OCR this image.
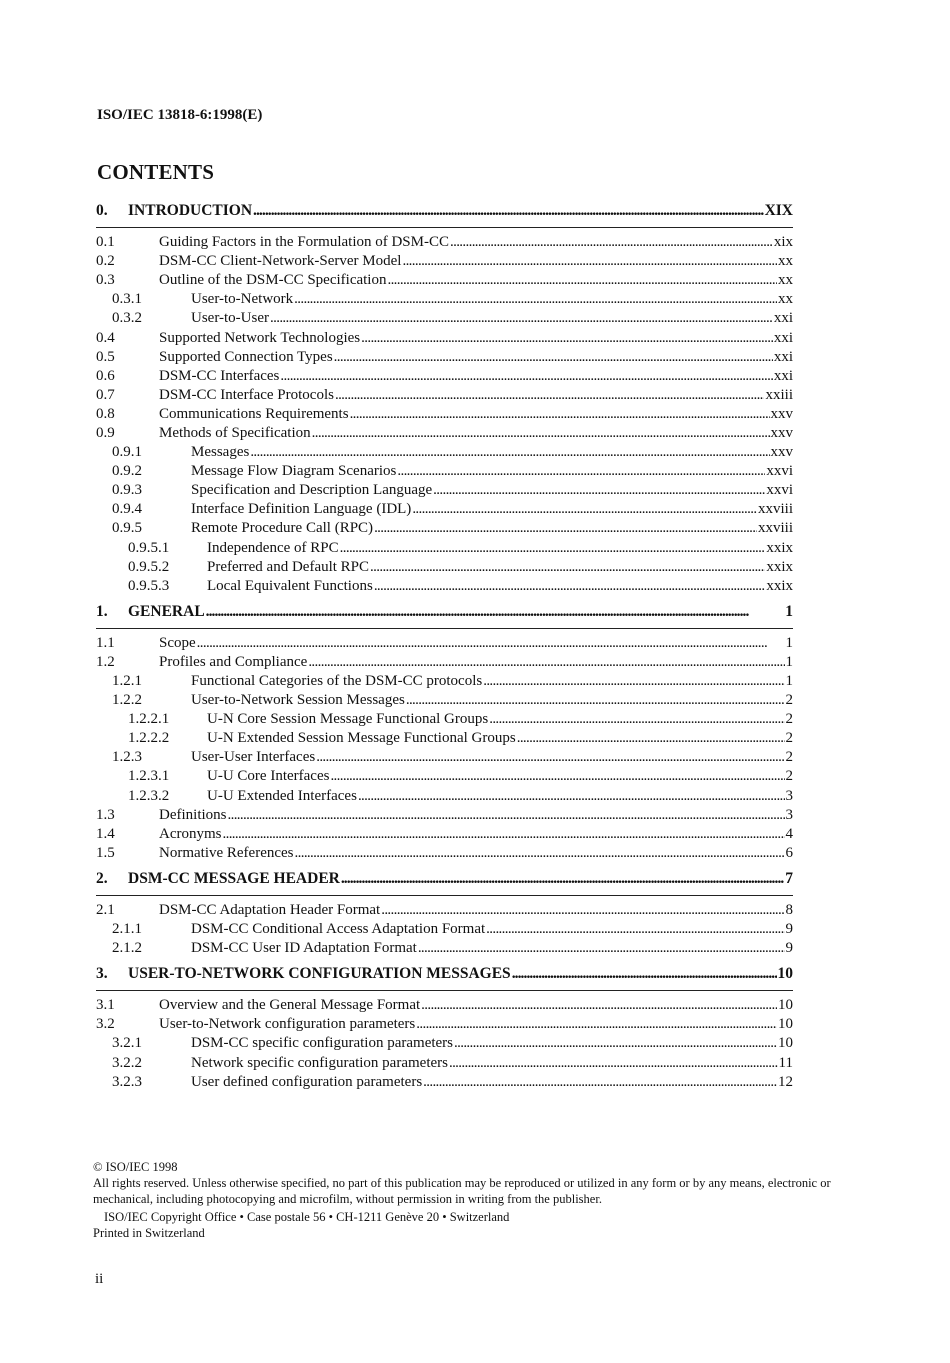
ISO/IEC 13818-6:1998(E)
CONTENTS
0.	INTRODUCTION . . .	XIX
0.1	Guiding Factors in the Formulation of DSM-CC . . .	xix
0.2	DSM-CC Client-Network-Server Model . . .	xx
0.3	Outline of the DSM-CC Specification . . .	xx
0.3.1	User-to-Network . . .	xx
0.3.2	User-to-User . . .	xxi
0.4	Supported Network Technologies . . .	xxi
0.5	Supported Connection Types . . .	xxi
0.6	DSM-CC Interfaces . . .	xxi
0.7	DSM-CC Interface Protocols . . .	xxiii
0.8	Communications Requirements . . .	xxv
0.9	Methods of Specification . . .	xxv
0.9.1	Messages . . .	xxv
0.9.2	Message Flow Diagram Scenarios . . .	xxvi
0.9.3	Specification and Description Language . . .	xxvi
0.9.4	Interface Definition Language (IDL) . . .	xxviii
0.9.5	Remote Procedure Call (RPC) . . .	xxviii
0.9.5.1	Independence of RPC . . .	xxix
0.9.5.2	Preferred and Default RPC . . .	xxix
0.9.5.3	Local Equivalent Functions . . .	xxix
1.	GENERAL . . .	1
1.1	Scope . . .	1
1.2	Profiles and Compliance . . .	1
1.2.1	Functional Categories of the DSM-CC protocols . . .	1
1.2.2	User-to-Network Session Messages . . .	2
1.2.2.1	U-N Core Session Message Functional Groups . . .	2
1.2.2.2	U-N Extended Session Message Functional Groups . . .	2
1.2.3	User-User Interfaces . . .	2
1.2.3.1	U-U Core Interfaces . . .	2
1.2.3.2	U-U Extended Interfaces . . .	3
1.3	Definitions . . .	3
1.4	Acronyms . . .	4
1.5	Normative References . . .	6
2.	DSM-CC MESSAGE HEADER . . .	7
2.1	DSM-CC Adaptation Header Format . . .	8
2.1.1	DSM-CC Conditional Access Adaptation Format . . .	9
2.1.2	DSM-CC User ID Adaptation Format . . .	9
3.	USER-TO-NETWORK CONFIGURATION MESSAGES . . .	10
3.1	Overview and the General Message Format . . .	10
3.2	User-to-Network configuration parameters . . .	10
3.2.1	DSM-CC specific configuration parameters . . .	10
3.2.2	Network specific configuration parameters . . .	11
3.2.3	User defined configuration parameters . . .	12
© ISO/IEC 1998
All rights reserved. Unless otherwise specified, no part of this publication may be reproduced or utilized in any form or by any means, electronic or mechanical, including photocopying and microfilm, without permission in writing from the publisher.
ISO/IEC Copyright Office • Case postale 56 • CH-1211 Genève 20 • Switzerland
Printed in Switzerland
ii
